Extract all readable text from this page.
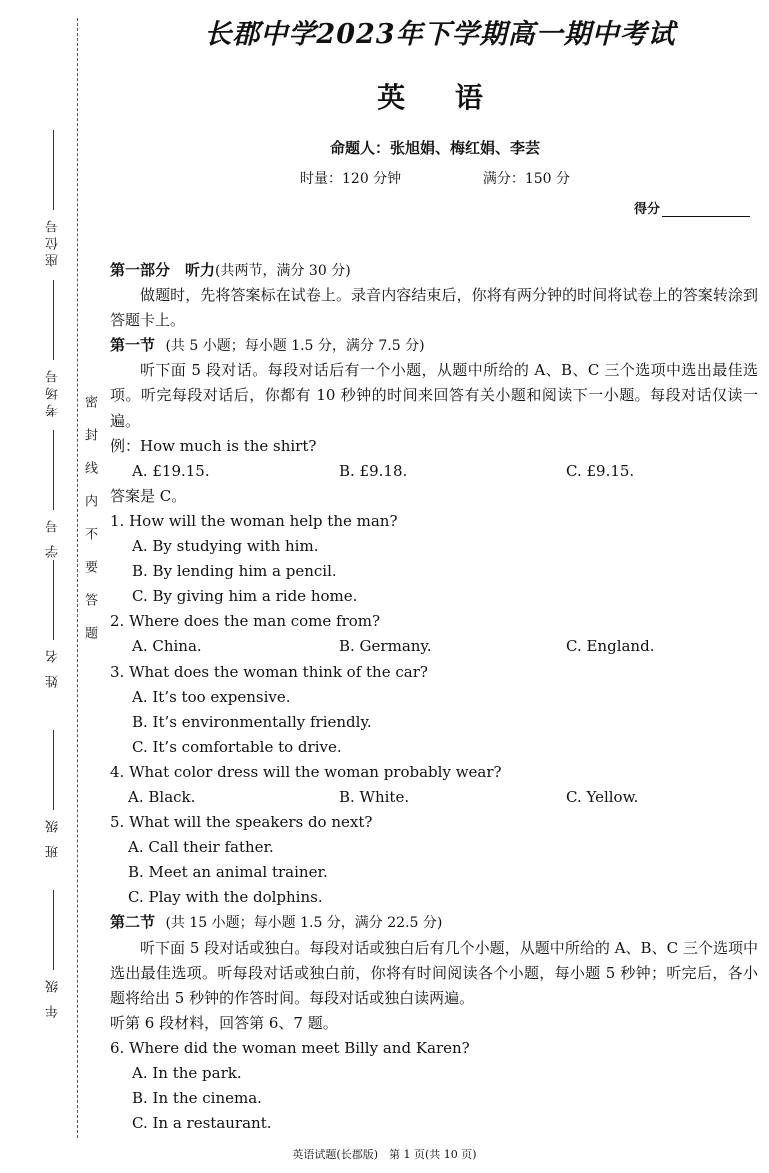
座位号
考场号
学 号
姓 名
班 级
年 级
密封线内不要答题
长郡中学2023年下学期高一期中考试
英 语
命题人：张旭娟、梅红娟、李芸
时量：120 分钟	满分：150 分
得分
第一部分　听力(共两节，满分 30 分)
做题时，先将答案标在试卷上。录音内容结束后，你将有两分钟的时间将试卷上的答案转涂到答题卡上。
第一节 (共 5 小题；每小题 1.5 分，满分 7.5 分)
听下面 5 段对话。每段对话后有一个小题，从题中所给的 A、B、C 三个选项中选出最佳选项。听完每段对话后，你都有 10 秒钟的时间来回答有关小题和阅读下一小题。每段对话仅读一遍。
例：How much is the shirt?
A. £19.15.	B. £9.18.	C. £9.15.
答案是 C。
1. How will the woman help the man?
A. By studying with him.
B. By lending him a pencil.
C. By giving him a ride home.
2. Where does the man come from?
A. China.	B. Germany.	C. England.
3. What does the woman think of the car?
A. It’s too expensive.
B. It’s environmentally friendly.
C. It’s comfortable to drive.
4. What color dress will the woman probably wear?
A. Black.	B. White.	C. Yellow.
5. What will the speakers do next?
A. Call their father.
B. Meet an animal trainer.
C. Play with the dolphins.
第二节 (共 15 小题；每小题 1.5 分，满分 22.5 分)
听下面 5 段对话或独白。每段对话或独白后有几个小题，从题中所给的 A、B、C 三个选项中选出最佳选项。听每段对话或独白前，你将有时间阅读各个小题，每小题 5 秒钟；听完后，各小题将给出 5 秒钟的作答时间。每段对话或独白读两遍。
听第 6 段材料，回答第 6、7 题。
6. Where did the woman meet Billy and Karen?
A. In the park.
B. In the cinema.
C. In a restaurant.
英语试题(长郡版)　第 1 页(共 10 页)
